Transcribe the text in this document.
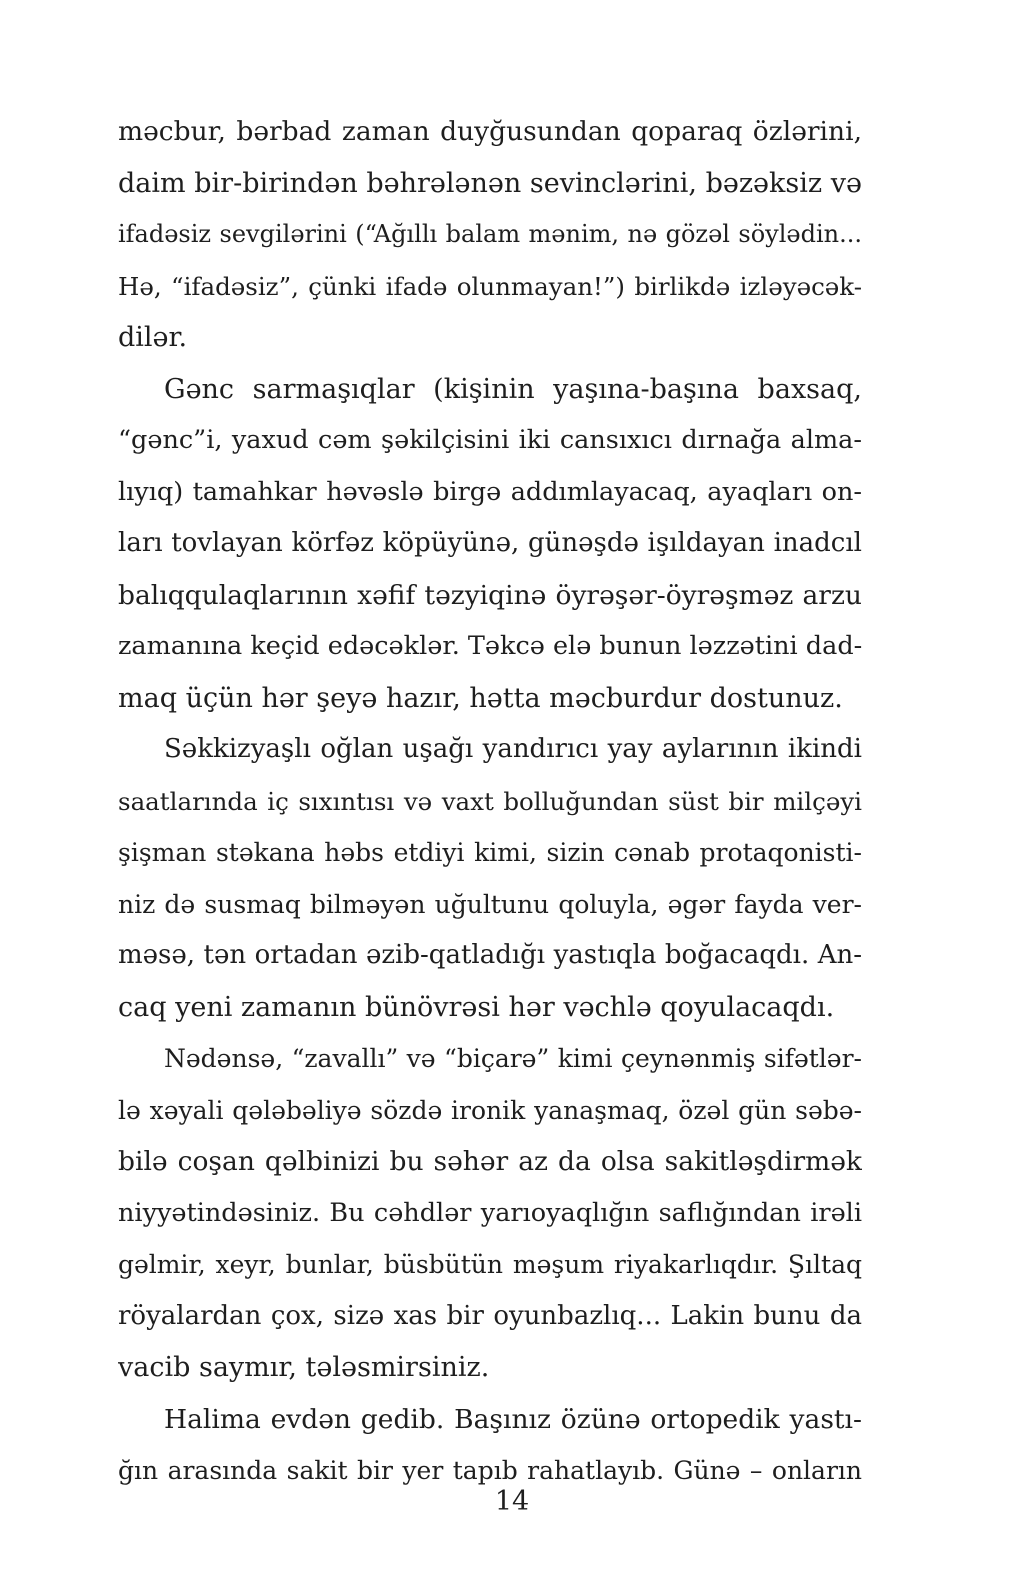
məcbur, bərbad zaman duyğusundan qoparaq özlərini,
daim bir-birindən bəhrələnən sevinclərini, bəzəksiz və
ifadəsiz sevgilərini (“Ağıllı balam mənim, nə gözəl söylədin...
Hə, “ifadəsiz”, çünki ifadə olunmayan!”) birlikdə izləyəcək-
dilər.
Gənc sarmaşıqlar (kişinin yaşına-başına baxsaq,
“gənc”i, yaxud cəm şəkilçisini iki cansıxıcı dırnağa alma-
lıyıq) tamahkar həvəslə birgə addımlayacaq, ayaqları on-
ları tovlayan körfəz köpüyünə, günəşdə işıldayan inadcıl
balıqqulaqlarının xəfif təzyiqinə öyrəşər-öyrəşməz arzu
zamanına keçid edəcəklər. Təkcə elə bunun ləzzətini dad-
maq üçün hər şeyə hazır, hətta məcburdur dostunuz.
Səkkizyaşlı oğlan uşağı yandırıcı yay aylarının ikindi
saatlarında iç sıxıntısı və vaxt bolluğundan süst bir milçəyi
şişman stəkana həbs etdiyi kimi, sizin cənab protaqonisti-
niz də susmaq bilməyən uğultunu qoluyla, əgər fayda ver-
məsə, tən ortadan əzib-qatladığı yastıqla boğacaqdı. An-
caq yeni zamanın bünövrəsi hər vəchlə qoyulacaqdı.
Nədənsə, “zavallı” və “biçarə” kimi çeynənmiş sifətlər-
lə xəyali qələbəliyə sözdə ironik yanaşmaq, özəl gün səbə-
bilə coşan qəlbinizi bu səhər az da olsa sakitləşdirmək
niyyətindəsiniz. Bu cəhdlər yarıoyaqlığın saflığından irəli
gəlmir, xeyr, bunlar, büsbütün məşum riyakarlıqdır. Şıltaq
röyalardan çox, sizə xas bir oyunbazlıq... Lakin bunu da
vacib saymır, tələsmirsiniz.
Halima evdən gedib. Başınız özünə ortopedik yastı-
ğın arasında sakit bir yer tapıb rahatlayıb. Günə – onların
14
